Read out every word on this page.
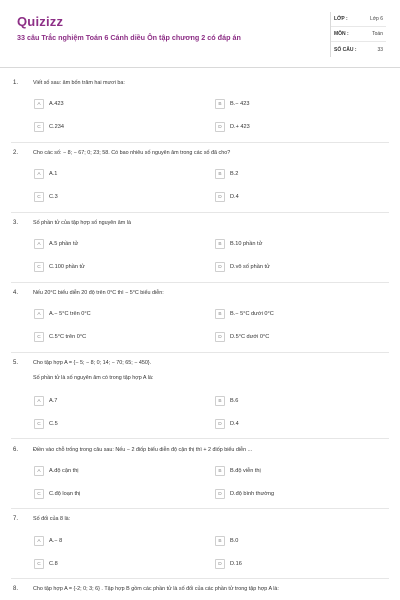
Quizizz
33 câu Trắc nghiệm Toán 6 Cánh diều Ôn tập chương 2 có đáp án
LỚP :	Lớp 6
MÔN :	Toán
SỐ CÂU :	33
1.	Viết số sau: âm bốn trăm hai mươi ba:
A	A.423	B	B.− 423
C	C.234	D	D.+ 423
2.	Cho các số: − 8; − 67; 0; 23; 58. Có bao nhiêu số nguyên âm trong các số đã cho?
A	A.1	B	B.2
C	C.3	D	D.4
3.	Số phần tử của tập hợp số nguyên âm là
A	A.5 phần tử	B	B.10 phần tử
C	C.100 phần tử	D	D.vô số phần tử
4.	Nếu 20°C biểu diễn 20 độ trên 0°C thì − 5°C biểu diễn:
A	A.− 5°C trên 0°C	B	B.− 5°C dưới 0°C
C	C.5°C trên 0°C	D	D.5°C dưới 0°C
5.	Cho tập hợp A = {− 5; − 8; 0; 14; − 70; 65; − 450}.
Số phần tử là số nguyên âm có trong tập hợp A là:
A	A.7	B	B.6
C	C.5	D	D.4
6.	Điền vào chỗ trống trong câu sau: Nếu − 2 điốp biểu diễn độ cận thị thì + 2 điốp biểu diễn ...
A	A.độ cận thị	B	B.độ viễn thị
C	C.độ loạn thị	D	D.độ bình thường
7.	Số đối của 8 là:
A	A.− 8	B	B.0
C	C.8	D	D.16
8.	Cho tập hợp A = {-2; 0; 3; 6} . Tập hợp B gồm các phần tử là số đối của các phần tử trong tập hợp A là:
